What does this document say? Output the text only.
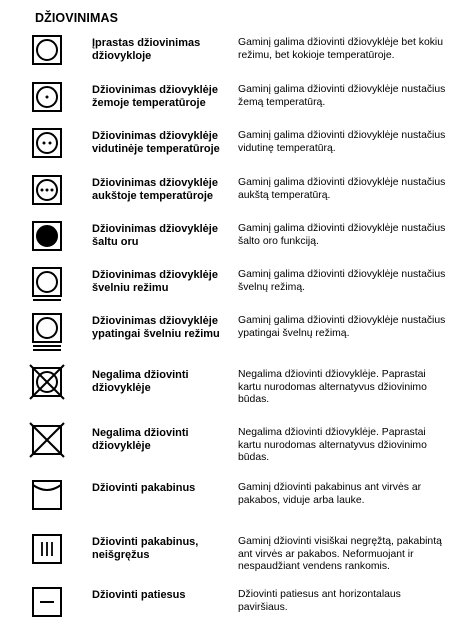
DŽIOVINIMAS
Įprastas džiovinimas
džiovykloje
Gaminį galima džiovinti džiovyklėje bet kokiu
režimu, bet kokioje temperatūroje.
Džiovinimas džiovyklėje
žemoje temperatūroje
Gaminį galima džiovinti džiovyklėje nustačius
žemą temperatūrą.
Džiovinimas džiovyklėje
vidutinėje temperatūroje
Gaminį galima džiovinti džiovyklėje nustačius
vidutinę temperatūrą.
Džiovinimas džiovyklėje
aukštoje temperatūroje
Gaminį galima džiovinti džiovyklėje nustačius
aukštą temperatūrą.
Džiovinimas džiovyklėje
šaltu oru
Gaminį galima džiovinti džiovyklėje nustačius
šalto oro funkciją.
Džiovinimas džiovyklėje
švelniu režimu
Gaminį galima džiovinti džiovyklėje nustačius
švelnų režimą.
Džiovinimas džiovyklėje
ypatingai švelniu režimu
Gaminį galima džiovinti džiovyklėje nustačius
ypatingai švelnų režimą.
Negalima džiovinti
džiovyklėje
Negalima džiovinti džiovyklėje. Paprastai
kartu nurodomas alternatyvus džiovinimo
būdas.
Negalima džiovinti
džiovyklėje
Negalima džiovinti džiovyklėje. Paprastai
kartu nurodomas alternatyvus džiovinimo
būdas.
Džiovinti pakabinus	Gaminį džiovinti pakabinus ant virvės ar
pakabos, viduje arba lauke.
Džiovinti pakabinus,
neišgręžus
Gaminį džiovinti visiškai negręžtą, pakabintą
ant virvės ar pakabos. Neformuojant ir
nespaudžiant vendens rankomis.
Džiovinti patiesus	Džiovinti patiesus ant horizontalaus
paviršiaus.
